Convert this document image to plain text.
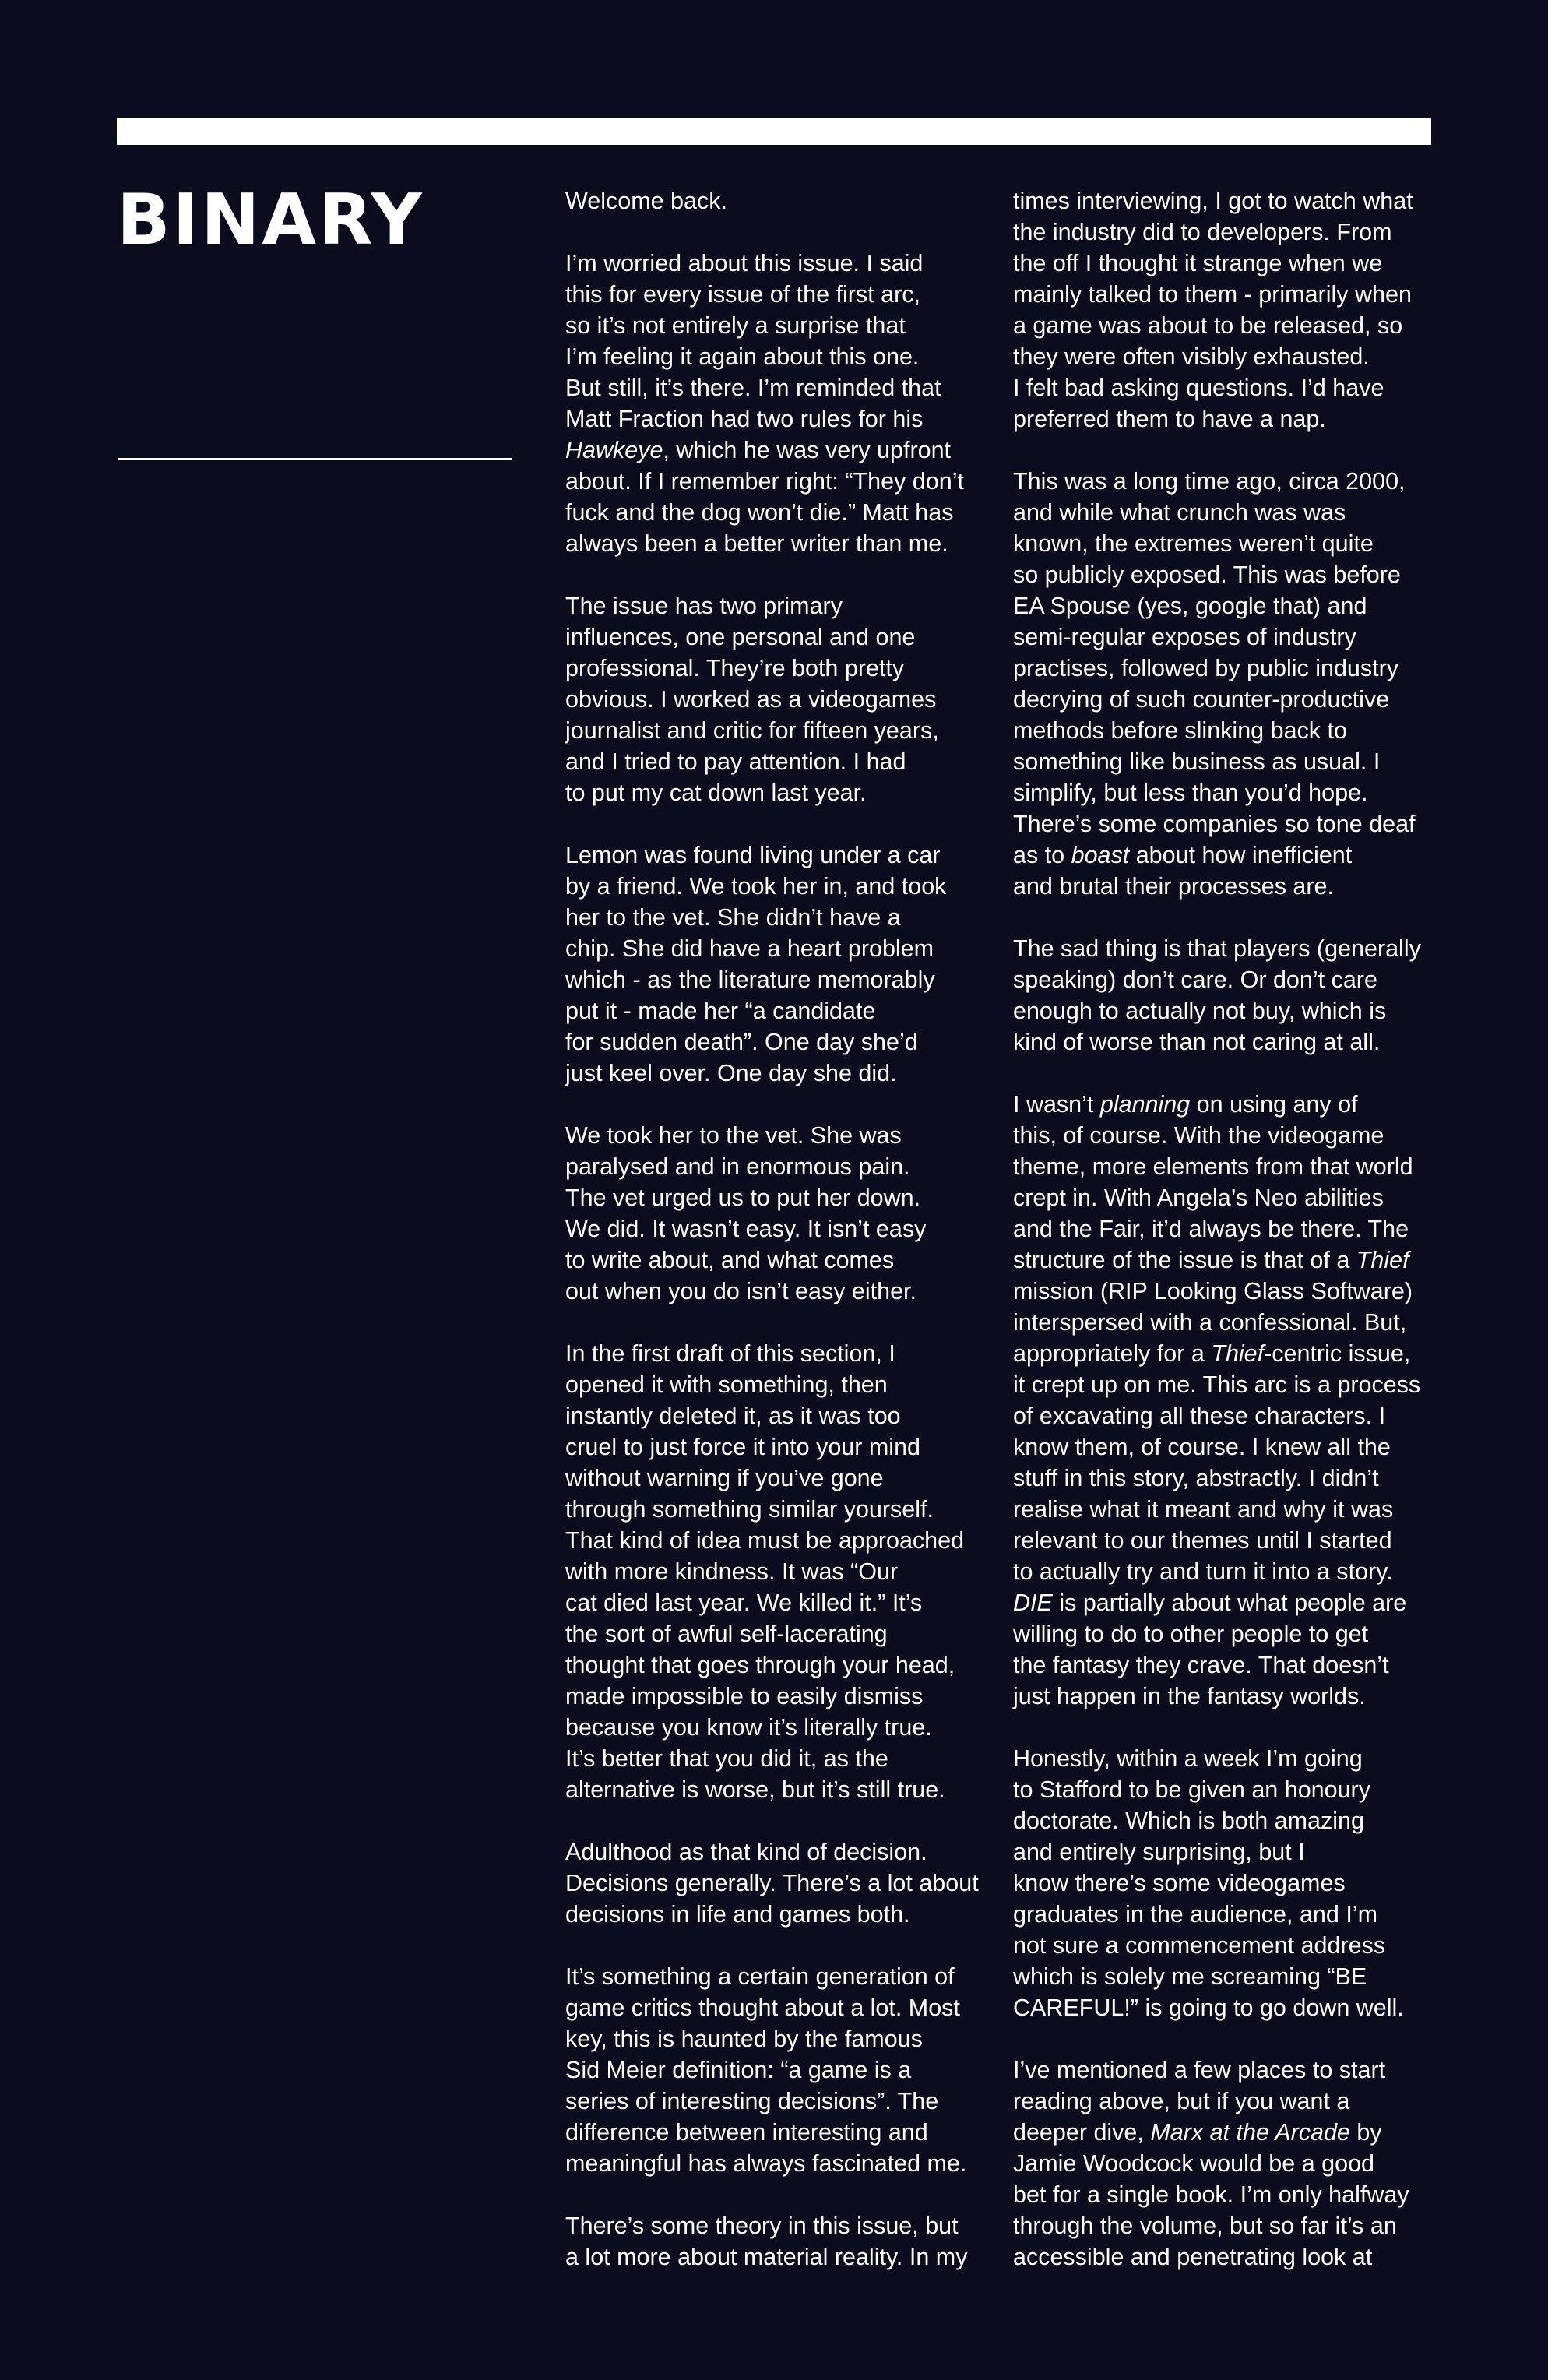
BINARY	Welcome back.

I’m worried about this issue. I said
this for every issue of the first arc,
so it’s not entirely a surprise that
I’m feeling it again about this one.
But still, it’s there. I’m reminded that
Matt Fraction had two rules for his
Hawkeye, which he was very upfront
about. If I remember right: “They don’t
fuck and the dog won’t die.” Matt has
always been a better writer than me.

The issue has two primary
influences, one personal and one
professional. They’re both pretty
obvious. I worked as a videogames
journalist and critic for fifteen years,
and I tried to pay attention. I had
to put my cat down last year.

Lemon was found living under a car
by a friend. We took her in, and took
her to the vet. She didn’t have a
chip. She did have a heart problem
which - as the literature memorably
put it - made her “a candidate
for sudden death”. One day she’d
just keel over. One day she did.

We took her to the vet. She was
paralysed and in enormous pain.
The vet urged us to put her down.
We did. It wasn’t easy. It isn’t easy
to write about, and what comes
out when you do isn’t easy either.

In the first draft of this section, I
opened it with something, then
instantly deleted it, as it was too
cruel to just force it into your mind
without warning if you’ve gone
through something similar yourself.
That kind of idea must be approached
with more kindness. It was “Our
cat died last year. We killed it.” It’s
the sort of awful self-lacerating
thought that goes through your head,
made impossible to easily dismiss
because you know it’s literally true.
It’s better that you did it, as the
alternative is worse, but it’s still true.

Adulthood as that kind of decision.
Decisions generally. There’s a lot about
decisions in life and games both.

It’s something a certain generation of
game critics thought about a lot. Most
key, this is haunted by the famous
Sid Meier definition: “a game is a
series of interesting decisions”. The
difference between interesting and
meaningful has always fascinated me.

There’s some theory in this issue, but
a lot more about material reality. In my

times interviewing, I got to watch what
the industry did to developers. From
the off I thought it strange when we
mainly talked to them - primarily when
a game was about to be released, so
they were often visibly exhausted.
I felt bad asking questions. I’d have
preferred them to have a nap.

This was a long time ago, circa 2000,
and while what crunch was was
known, the extremes weren’t quite
so publicly exposed. This was before
EA Spouse (yes, google that) and
semi-regular exposes of industry
practises, followed by public industry
decrying of such counter-productive
methods before slinking back to
something like business as usual. I
simplify, but less than you’d hope.
There’s some companies so tone deaf
as to boast about how inefficient
and brutal their processes are.

The sad thing is that players (generally
speaking) don’t care. Or don’t care
enough to actually not buy, which is
kind of worse than not caring at all.

I wasn’t planning on using any of
this, of course. With the videogame
theme, more elements from that world
crept in. With Angela’s Neo abilities
and the Fair, it’d always be there. The
structure of the issue is that of a Thief
mission (RIP Looking Glass Software)
interspersed with a confessional. But,
appropriately for a Thief-centric issue,
it crept up on me. This arc is a process
of excavating all these characters. I
know them, of course. I knew all the
stuff in this story, abstractly. I didn’t
realise what it meant and why it was
relevant to our themes until I started
to actually try and turn it into a story.
DIE is partially about what people are
willing to do to other people to get
the fantasy they crave. That doesn’t
just happen in the fantasy worlds.

Honestly, within a week I’m going
to Stafford to be given an honoury
doctorate. Which is both amazing
and entirely surprising, but I
know there’s some videogames
graduates in the audience, and I’m
not sure a commencement address
which is solely me screaming “BE
CAREFUL!” is going to go down well.

I’ve mentioned a few places to start
reading above, but if you want a
deeper dive, Marx at the Arcade by
Jamie Woodcock would be a good
bet for a single book. I’m only halfway
through the volume, but so far it’s an
accessible and penetrating look at
